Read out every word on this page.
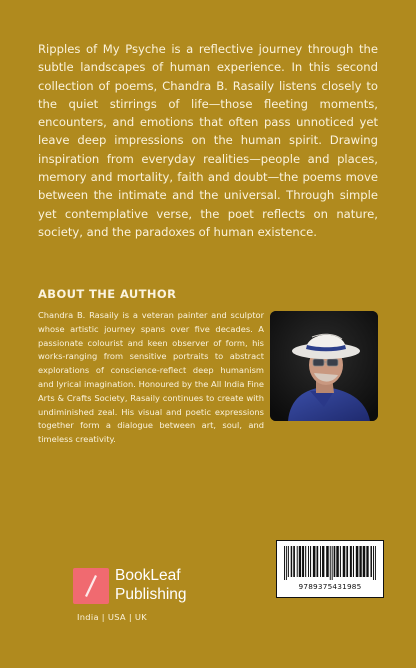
Ripples of My Psyche is a reflective journey through the subtle landscapes of human experience. In this second collection of poems, Chandra B. Rasaily listens closely to the quiet stirrings of life—those fleeting moments, encounters, and emotions that often pass unnoticed yet leave deep impressions on the human spirit. Drawing inspiration from everyday realities—people and places, memory and mortality, faith and doubt—the poems move between the intimate and the universal. Through simple yet contemplative verse, the poet reflects on nature, society, and the paradoxes of human existence.

ABOUT THE AUTHOR

Chandra B. Rasaily is a veteran painter and sculptor whose artistic journey spans over five decades. A passionate colourist and keen observer of form, his works-ranging from sensitive portraits to abstract explorations of conscience-reflect deep humanism and lyrical imagination. Honoured by the All India Fine Arts & Crafts Society, Rasaily continues to create with undiminished zeal. His visual and poetic expressions together form a dialogue between art, soul, and timeless creativity.

BookLeaf
Publishing
India | USA | UK
9789375431985
